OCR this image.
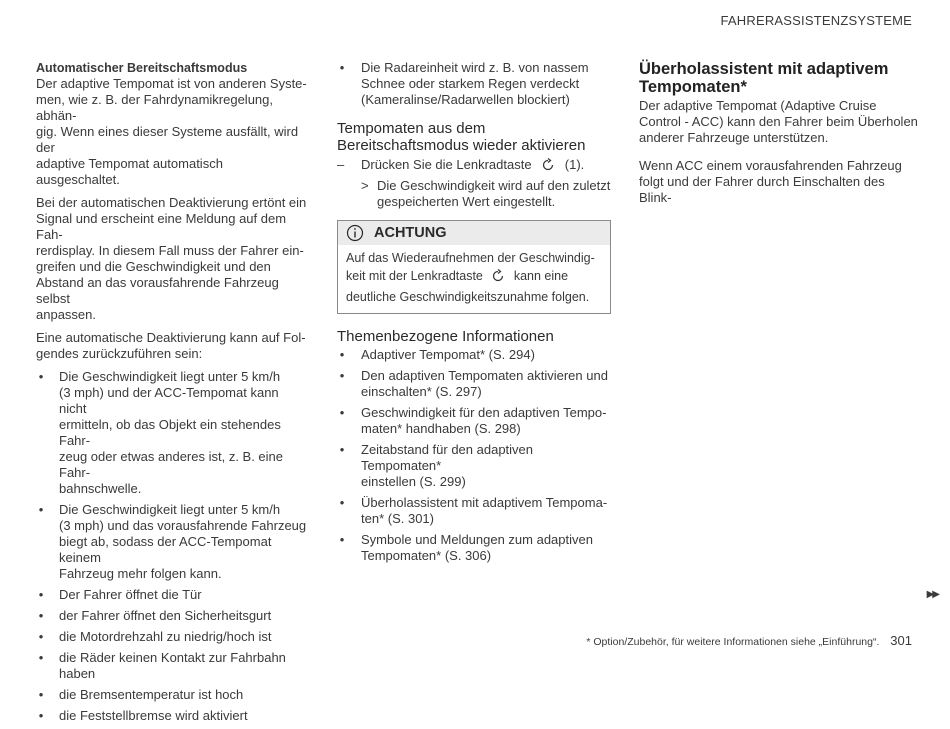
FAHRERASSISTENZSYSTEME
Automatischer Bereitschaftsmodus

Der adaptive Tempomat ist von anderen Syste-
men, wie z. B. der Fahrdynamikregelung, abhän-
gig. Wenn eines dieser Systeme ausfällt, wird der
adaptive Tempomat automatisch ausgeschaltet.

Bei der automatischen Deaktivierung ertönt ein
Signal und erscheint eine Meldung auf dem Fah-
rerdisplay. In diesem Fall muss der Fahrer ein-
greifen und die Geschwindigkeit und den
Abstand an das vorausfahrende Fahrzeug selbst
anpassen.

Eine automatische Deaktivierung kann auf Fol-
gendes zurückzuführen sein:

• Die Geschwindigkeit liegt unter 5 km/h
(3 mph) und der ACC-Tempomat kann nicht
ermitteln, ob das Objekt ein stehendes Fahr-
zeug oder etwas anderes ist, z. B. eine Fahr-
bahnschwelle.
• Die Geschwindigkeit liegt unter 5 km/h
(3 mph) und das vorausfahrende Fahrzeug
biegt ab, sodass der ACC-Tempomat keinem
Fahrzeug mehr folgen kann.
• Der Fahrer öffnet die Tür
• der Fahrer öffnet den Sicherheitsgurt
• die Motordrehzahl zu niedrig/hoch ist
• die Räder keinen Kontakt zur Fahrbahn
haben
• die Bremsentemperatur ist hoch
• die Feststellbremse wird aktiviert
• Die Radareinheit wird z. B. von nassem
Schnee oder starkem Regen verdeckt
(Kameralinse/Radarwellen blockiert)
Tempomaten aus dem
Bereitschaftsmodus wieder aktivieren
– Drücken Sie die Lenkradtaste	(1).
> Die Geschwindigkeit wird auf den zuletzt
gespeicherten Wert eingestellt.
ACHTUNG
Auf das Wiederaufnehmen der Geschwindig-
keit mit der Lenkradtaste kann eine
deutliche Geschwindigkeitszunahme folgen.
Themenbezogene Informationen
• Adaptiver Tempomat* (S. 294)
• Den adaptiven Tempomaten aktivieren und
einschalten* (S. 297)
• Geschwindigkeit für den adaptiven Tempo-
maten* handhaben (S. 298)
• Zeitabstand für den adaptiven Tempomaten*
einstellen (S. 299)
• Überholassistent mit adaptivem Tempoma-
ten* (S. 301)
• Symbole und Meldungen zum adaptiven
Tempomaten* (S. 306)
Überholassistent mit adaptivem
Tempomaten*

Der adaptive Tempomat (Adaptive Cruise
Control - ACC) kann den Fahrer beim Überholen
anderer Fahrzeuge unterstützen.

Wenn ACC einem vorausfahrenden Fahrzeug
folgt und der Fahrer durch Einschalten des Blink-

▶▶
* Option/Zubehör, für weitere Informationen siehe „Einführung“. 301
